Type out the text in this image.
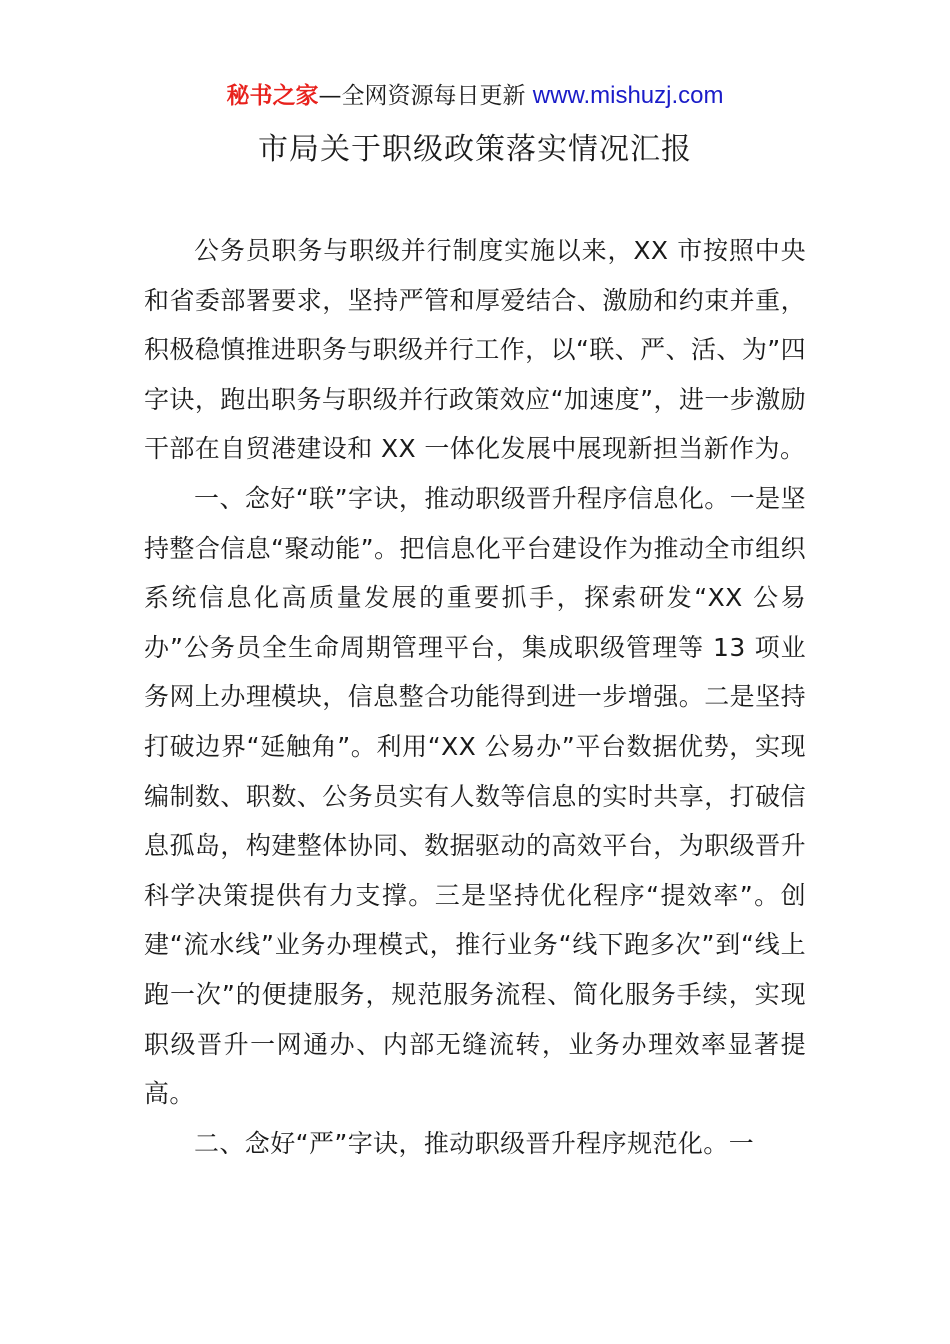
秘书之家—全网资源每日更新 www.mishuzj.com
市局关于职级政策落实情况汇报

公务员职务与职级并行制度实施以来，XX 市按照中央和省委部署要求，坚持严管和厚爱结合、激励和约束并重，积极稳慎推进职务与职级并行工作，以“联、严、活、为”四字诀，跑出职务与职级并行政策效应“加速度”，进一步激励干部在自贸港建设和 XX 一体化发展中展现新担当新作为。

一、念好“联”字诀，推动职级晋升程序信息化。一是坚持整合信息“聚动能”。把信息化平台建设作为推动全市组织系统信息化高质量发展的重要抓手，探索研发“XX 公易办”公务员全生命周期管理平台，集成职级管理等 13 项业务网上办理模块，信息整合功能得到进一步增强。二是坚持打破边界“延触角”。利用“XX 公易办”平台数据优势，实现编制数、职数、公务员实有人数等信息的实时共享，打破信息孤岛，构建整体协同、数据驱动的高效平台，为职级晋升科学决策提供有力支撑。三是坚持优化程序“提效率”。创建“流水线”业务办理模式，推行业务“线下跑多次”到“线上跑一次”的便捷服务，规范服务流程、简化服务手续，实现职级晋升一网通办、内部无缝流转，业务办理效率显著提高。

二、念好“严”字诀，推动职级晋升程序规范化。一
